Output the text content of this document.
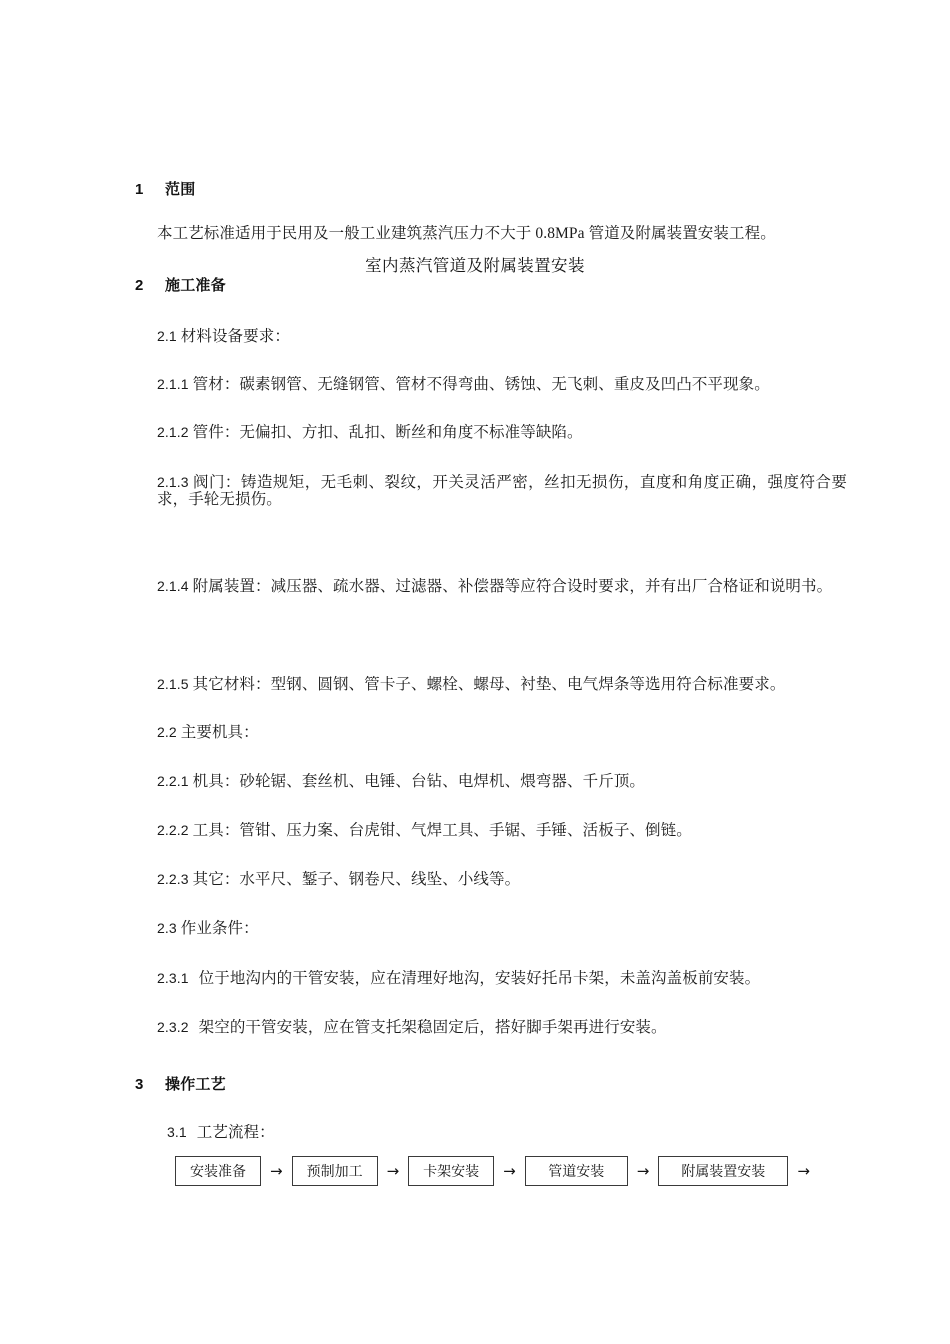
室内蒸汽管道及附属装置安装
1 范围
本工艺标准适用于民用及一般工业建筑蒸汽压力不大于 0.8MPa 管道及附属装置安装工程。
2 施工准备
2.1 材料设备要求：
2.1.1 管材：碳素钢管、无缝钢管、管材不得弯曲、锈蚀、无飞刺、重皮及凹凸不平现象。
2.1.2 管件：无偏扣、方扣、乱扣、断丝和角度不标准等缺陷。
2.1.3 阀门：铸造规矩，无毛刺、裂纹，开关灵活严密，丝扣无损伤，直度和角度正确，强度符合要求，手轮无损伤。
2.1.4 附属装置：减压器、疏水器、过滤器、补偿器等应符合设时要求，并有出厂合格证和说明书。
2.1.5 其它材料：型钢、圆钢、管卡子、螺栓、螺母、衬垫、电气焊条等选用符合标准要求。
2.2 主要机具：
2.2.1 机具：砂轮锯、套丝机、电锤、台钻、电焊机、煨弯器、千斤顶。
2.2.2 工具：管钳、压力案、台虎钳、气焊工具、手锯、手锤、活板子、倒链。
2.2.3 其它：水平尺、錾子、钢卷尺、线坠、小线等。
2.3 作业条件：
2.3.1 位于地沟内的干管安装，应在清理好地沟，安装好托吊卡架，未盖沟盖板前安装。
2.3.2 架空的干管安装，应在管支托架稳固定后，搭好脚手架再进行安装。
3 操作工艺
3.1 工艺流程：
安装准备	→	预制加工	→	卡架安装	→	管道安装	→	附属装置安装	→
